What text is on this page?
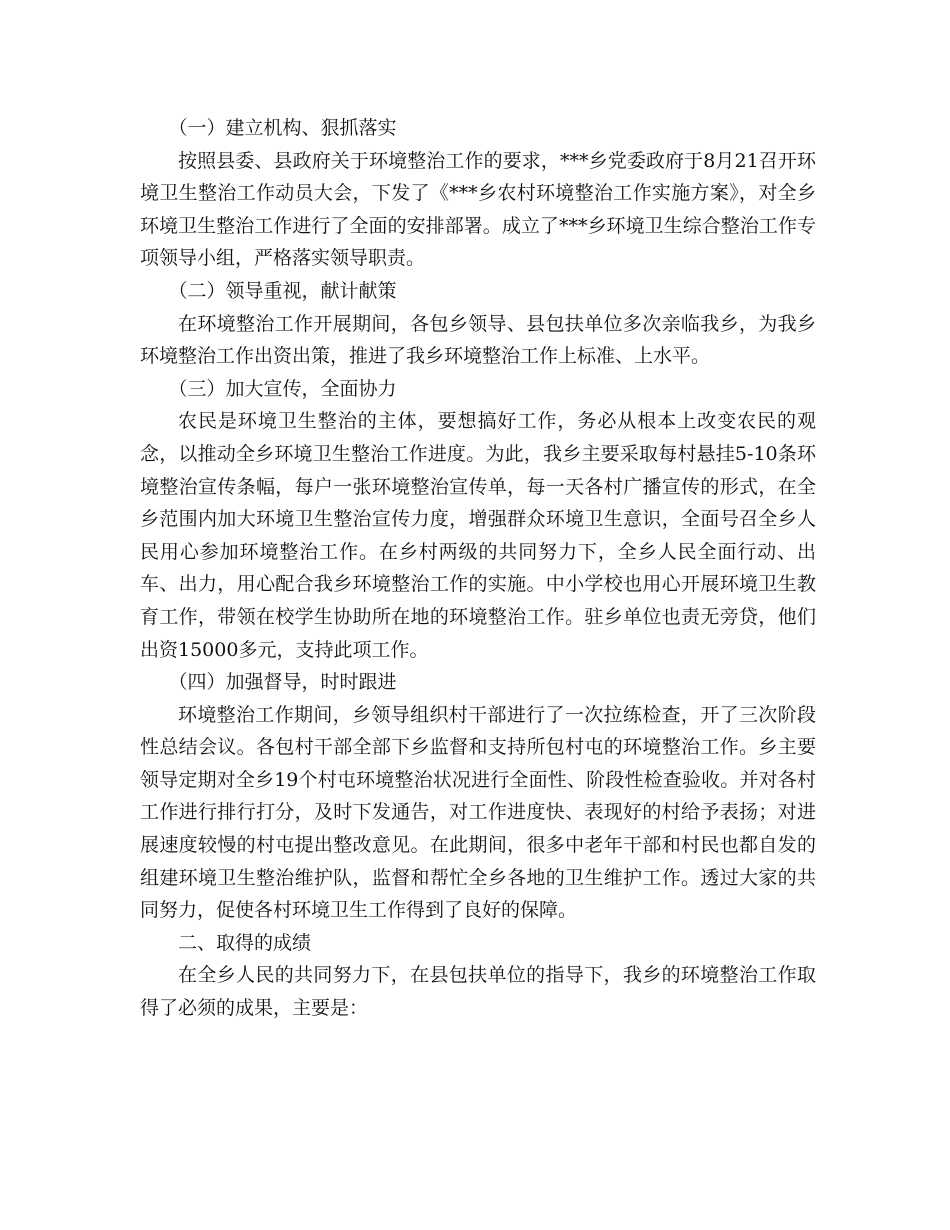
（一）建立机构、狠抓落实

按照县委、县政府关于环境整治工作的要求，***乡党委政府于8月21召开环境卫生整治工作动员大会，下发了《***乡农村环境整治工作实施方案》，对全乡环境卫生整治工作进行了全面的安排部署。成立了***乡环境卫生综合整治工作专项领导小组，严格落实领导职责。

（二）领导重视，献计献策

在环境整治工作开展期间，各包乡领导、县包扶单位多次亲临我乡，为我乡环境整治工作出资出策，推进了我乡环境整治工作上标准、上水平。

（三）加大宣传，全面协力

农民是环境卫生整治的主体，要想搞好工作，务必从根本上改变农民的观念，以推动全乡环境卫生整治工作进度。为此，我乡主要采取每村悬挂5-10条环境整治宣传条幅，每户一张环境整治宣传单，每一天各村广播宣传的形式，在全乡范围内加大环境卫生整治宣传力度，增强群众环境卫生意识，全面号召全乡人民用心参加环境整治工作。在乡村两级的共同努力下，全乡人民全面行动、出车、出力，用心配合我乡环境整治工作的实施。中小学校也用心开展环境卫生教育工作，带领在校学生协助所在地的环境整治工作。驻乡单位也责无旁贷，他们出资15000多元，支持此项工作。

（四）加强督导，时时跟进

环境整治工作期间，乡领导组织村干部进行了一次拉练检查，开了三次阶段性总结会议。各包村干部全部下乡监督和支持所包村屯的环境整治工作。乡主要领导定期对全乡19个村屯环境整治状况进行全面性、阶段性检查验收。并对各村工作进行排行打分，及时下发通告，对工作进度快、表现好的村给予表扬；对进展速度较慢的村屯提出整改意见。在此期间，很多中老年干部和村民也都自发的组建环境卫生整治维护队，监督和帮忙全乡各地的卫生维护工作。透过大家的共同努力，促使各村环境卫生工作得到了良好的保障。

二、取得的成绩

在全乡人民的共同努力下，在县包扶单位的指导下，我乡的环境整治工作取得了必须的成果，主要是：
